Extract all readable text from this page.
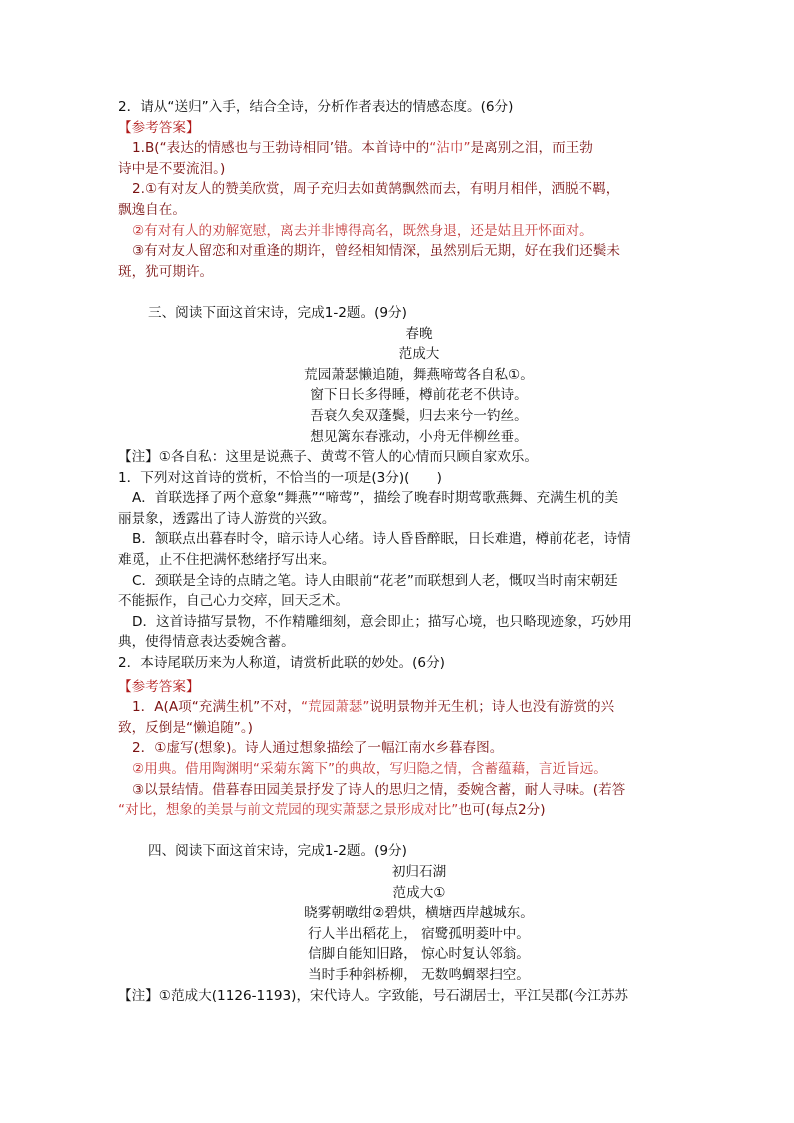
2．请从“送归”入手，结合全诗，分析作者表达的情感态度。(6分)
【参考答案】
1.B(“表达的情感也与王勃诗相同’错。本首诗中的“沾巾”是离别之泪，而王勃
诗中是不要流泪。)
2.①有对友人的赞美欣赏，周子充归去如黄鹄飘然而去，有明月相伴，洒脱不羁，
飘逸自在。
②有对有人的劝解宽慰，离去并非博得高名，既然身退，还是姑且开怀面对。
③有对友人留恋和对重逢的期许，曾经相知情深，虽然别后无期，好在我们还鬓未
斑，犹可期许。
三、阅读下面这首宋诗，完成1-2题。(9分)
春晚
范成大
荒园萧瑟懒追随，舞燕啼莺各自私①。
窗下日长多得睡，樽前花老不供诗。
吾衰久矣双蓬鬓，归去来兮一钓丝。
想见篱东春涨动，小舟无伴柳丝垂。
【注】①各自私：这里是说燕子、黄莺不管人的心情而只顾自家欢乐。
1．下列对这首诗的赏析，不恰当的一项是(3分)(　　)
A．首联选择了两个意象“舞燕”“啼莺”，描绘了晚春时期莺歌燕舞、充满生机的美
丽景象，透露出了诗人游赏的兴致。
B．颔联点出暮春时令，暗示诗人心绪。诗人昏昏醉眠，日长难遣，樽前花老，诗情
难觅，止不住把满怀愁绪抒写出来。
C．颈联是全诗的点睛之笔。诗人由眼前“花老”而联想到人老，慨叹当时南宋朝廷
不能振作，自己心力交瘁，回天乏术。
D．这首诗描写景物，不作精雕细刻，意会即止；描写心境，也只略现迹象，巧妙用
典，使得情意表达委婉含蓄。
2．本诗尾联历来为人称道，请赏析此联的妙处。(6分)
【参考答案】
1．A(A项“充满生机”不对，“荒园萧瑟”说明景物并无生机；诗人也没有游赏的兴
致，反倒是“懒追随”。)
2．①虚写(想象)。诗人通过想象描绘了一幅江南水乡暮春图。
②用典。借用陶渊明“采菊东篱下”的典故，写归隐之情，含蓄蕴藉，言近旨远。
③以景结情。借暮春田园美景抒发了诗人的思归之情，委婉含蓄，耐人寻味。(若答
“对比，想象的美景与前文荒园的现实萧瑟之景形成对比”也可(每点2分)
四、阅读下面这首宋诗，完成1-2题。(9分)
初归石湖
范成大①
晓雾朝暾绀②碧烘，横塘西岸越城东。
行人半出稻花上， 宿鹭孤明菱叶中。
信脚自能知旧路， 惊心时复认邻翁。
当时手种斜桥柳， 无数鸣蜩翠扫空。
【注】①范成大(1126-1193)，宋代诗人。字致能，号石湖居士，平江吴郡(今江苏苏
